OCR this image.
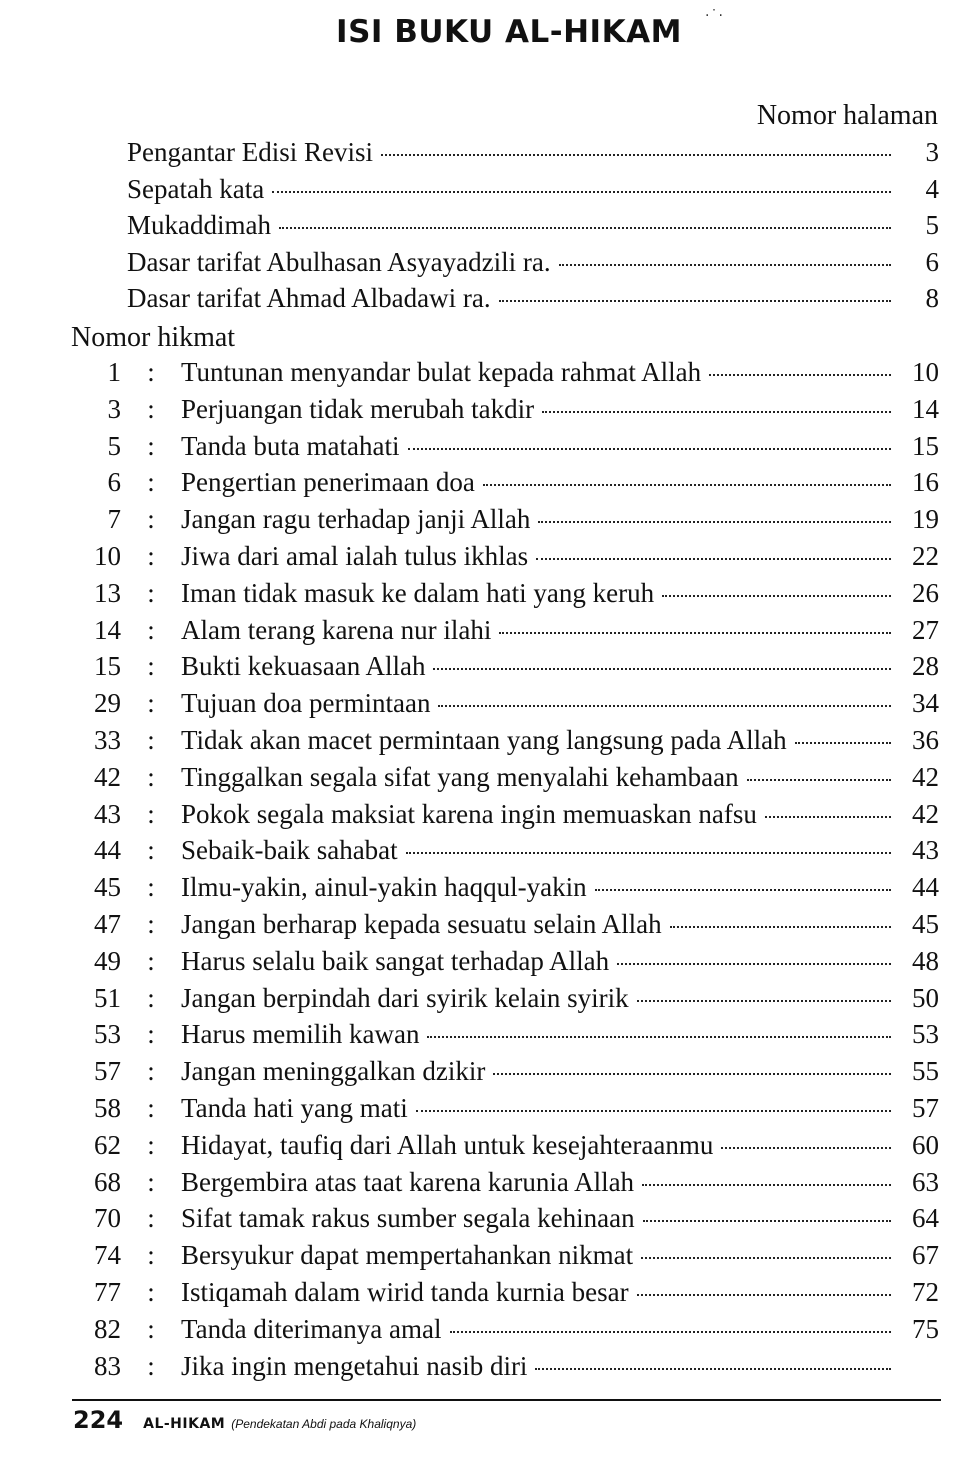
ISI BUKU AL-HIKAM	·˙·
Nomor halaman
Pengantar Edisi Revisi	3
Sepatah kata	4
Mukaddimah	5
Dasar tarifat Abulhasan Asyayadzili ra.	6
Dasar tarifat Ahmad Albadawi ra.	8
Nomor hikmat
1 : Tuntunan menyandar bulat kepada rahmat Allah	10
3 : Perjuangan tidak merubah takdir	14
5 : Tanda buta matahati	15
6 : Pengertian penerimaan doa	16
7 : Jangan ragu terhadap janji Allah	19
10 : Jiwa dari amal ialah tulus ikhlas	22
13 : Iman tidak masuk ke dalam hati yang keruh	26
14 : Alam terang karena nur ilahi	27
15 : Bukti kekuasaan Allah	28
29 : Tujuan doa permintaan	34
33 : Tidak akan macet permintaan yang langsung pada Allah	36
42 : Tinggalkan segala sifat yang menyalahi kehambaan	42
43 : Pokok segala maksiat karena ingin memuaskan nafsu	42
44 : Sebaik-baik sahabat	43
45 : Ilmu-yakin, ainul-yakin haqqul-yakin	44
47 : Jangan berharap kepada sesuatu selain Allah	45
49 : Harus selalu baik sangat terhadap Allah	48
51 : Jangan berpindah dari syirik kelain syirik	50
53 : Harus memilih kawan	53
57 : Jangan meninggalkan dzikir	55
58 : Tanda hati yang mati	57
62 : Hidayat, taufiq dari Allah untuk kesejahteraanmu	60
68 : Bergembira atas taat karena karunia Allah	63
70 : Sifat tamak rakus sumber segala kehinaan	64
74 : Bersyukur dapat mempertahankan nikmat	67
77 : Istiqamah dalam wirid tanda kurnia besar	72
82 : Tanda diterimanya amal	75
83 : Jika ingin mengetahui nasib diri
224 AL-HIKAM (Pendekatan Abdi pada Khaliqnya)
